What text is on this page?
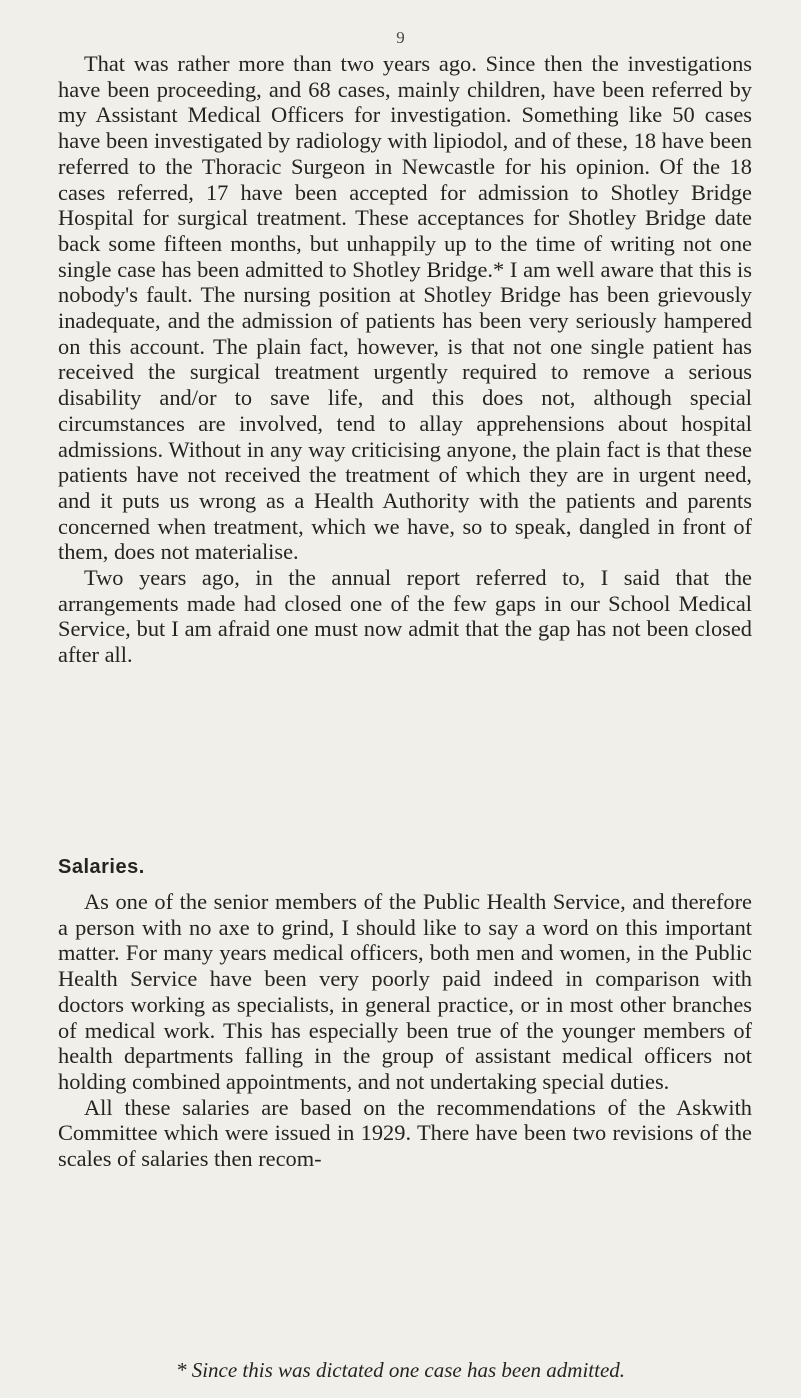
9

That was rather more than two years ago. Since then the investigations have been proceeding, and 68 cases, mainly children, have been referred by my Assistant Medical Officers for investigation. Something like 50 cases have been investigated by radiology with lipiodol, and of these, 18 have been referred to the Thoracic Surgeon in Newcastle for his opinion. Of the 18 cases referred, 17 have been accepted for admission to Shotley Bridge Hospital for surgical treatment. These acceptances for Shotley Bridge date back some fifteen months, but unhappily up to the time of writing not one single case has been admitted to Shotley Bridge.* I am well aware that this is nobody's fault. The nursing position at Shotley Bridge has been grievously inadequate, and the admission of patients has been very seriously hampered on this account. The plain fact, however, is that not one single patient has received the surgical treatment urgently required to remove a serious disability and/or to save life, and this does not, although special circumstances are involved, tend to allay apprehensions about hospital admissions. Without in any way criticising anyone, the plain fact is that these patients have not received the treatment of which they are in urgent need, and it puts us wrong as a Health Authority with the patients and parents concerned when treatment, which we have, so to speak, dangled in front of them, does not materialise.

Two years ago, in the annual report referred to, I said that the arrangements made had closed one of the few gaps in our School Medical Service, but I am afraid one must now admit that the gap has not been closed after all.

Salaries.

As one of the senior members of the Public Health Service, and therefore a person with no axe to grind, I should like to say a word on this important matter. For many years medical officers, both men and women, in the Public Health Service have been very poorly paid indeed in comparison with doctors working as specialists, in general practice, or in most other branches of medical work. This has especially been true of the younger members of health departments falling in the group of assistant medical officers not holding combined appointments, and not undertaking special duties.

All these salaries are based on the recommendations of the Askwith Committee which were issued in 1929. There have been two revisions of the scales of salaries then recom-

* Since this was dictated one case has been admitted.
